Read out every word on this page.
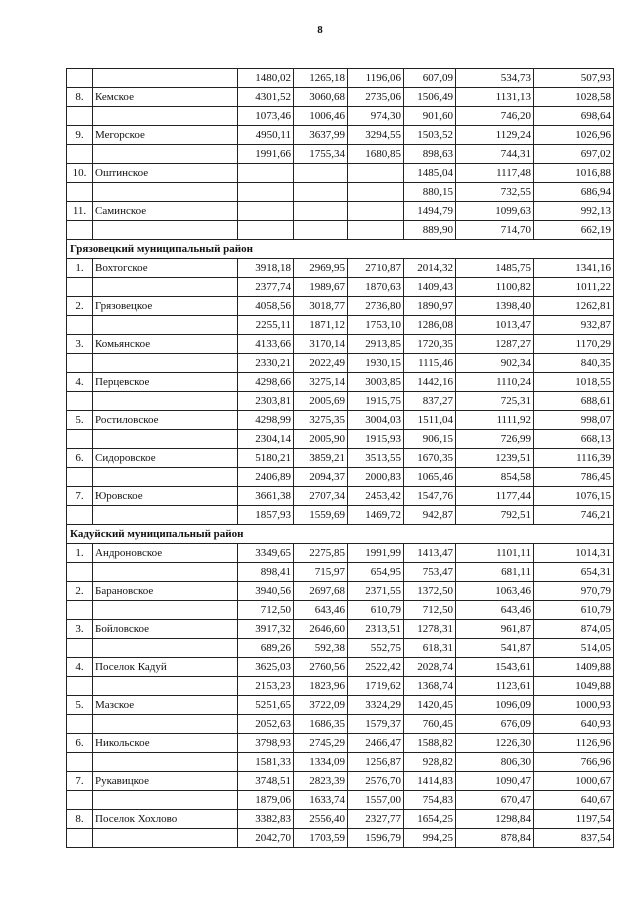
8
		1480,02	1265,18	1196,06	607,09	534,73	507,93
8.	Кемское	4301,52	3060,68	2735,06	1506,49	1131,13	1028,58
		1073,46	1006,46	974,30	901,60	746,20	698,64
9.	Мегорское	4950,11	3637,99	3294,55	1503,52	1129,24	1026,96
		1991,66	1755,34	1680,85	898,63	744,31	697,02
10.	Оштинское				1485,04	1117,48	1016,88
					880,15	732,55	686,94
11.	Саминское				1494,79	1099,63	992,13
					889,90	714,70	662,19
Грязовецкий муниципальный район							
1.	Вохтогское	3918,18	2969,95	2710,87	2014,32	1485,75	1341,16
		2377,74	1989,67	1870,63	1409,43	1100,82	1011,22
2.	Грязовецкое	4058,56	3018,77	2736,80	1890,97	1398,40	1262,81
		2255,11	1871,12	1753,10	1286,08	1013,47	932,87
3.	Комьянское	4133,66	3170,14	2913,85	1720,35	1287,27	1170,29
		2330,21	2022,49	1930,15	1115,46	902,34	840,35
4.	Перцевское	4298,66	3275,14	3003,85	1442,16	1110,24	1018,55
		2303,81	2005,69	1915,75	837,27	725,31	688,61
5.	Ростиловское	4298,99	3275,35	3004,03	1511,04	1111,92	998,07
		2304,14	2005,90	1915,93	906,15	726,99	668,13
6.	Сидоровское	5180,21	3859,21	3513,55	1670,35	1239,51	1116,39
		2406,89	2094,37	2000,83	1065,46	854,58	786,45
7.	Юровское	3661,38	2707,34	2453,42	1547,76	1177,44	1076,15
		1857,93	1559,69	1469,72	942,87	792,51	746,21
Кадуйский муниципальный район							
1.	Андроновское	3349,65	2275,85	1991,99	1413,47	1101,11	1014,31
		898,41	715,97	654,95	753,47	681,11	654,31
2.	Барановское	3940,56	2697,68	2371,55	1372,50	1063,46	970,79
		712,50	643,46	610,79	712,50	643,46	610,79
3.	Бойловское	3917,32	2646,60	2313,51	1278,31	961,87	874,05
		689,26	592,38	552,75	618,31	541,87	514,05
4.	Поселок Кадуй	3625,03	2760,56	2522,42	2028,74	1543,61	1409,88
		2153,23	1823,96	1719,62	1368,74	1123,61	1049,88
5.	Мазское	5251,65	3722,09	3324,29	1420,45	1096,09	1000,93
		2052,63	1686,35	1579,37	760,45	676,09	640,93
6.	Никольское	3798,93	2745,29	2466,47	1588,82	1226,30	1126,96
		1581,33	1334,09	1256,87	928,82	806,30	766,96
7.	Рукавицкое	3748,51	2823,39	2576,70	1414,83	1090,47	1000,67
		1879,06	1633,74	1557,00	754,83	670,47	640,67
8.	Поселок Хохлово	3382,83	2556,40	2327,77	1654,25	1298,84	1197,54
		2042,70	1703,59	1596,79	994,25	878,84	837,54
